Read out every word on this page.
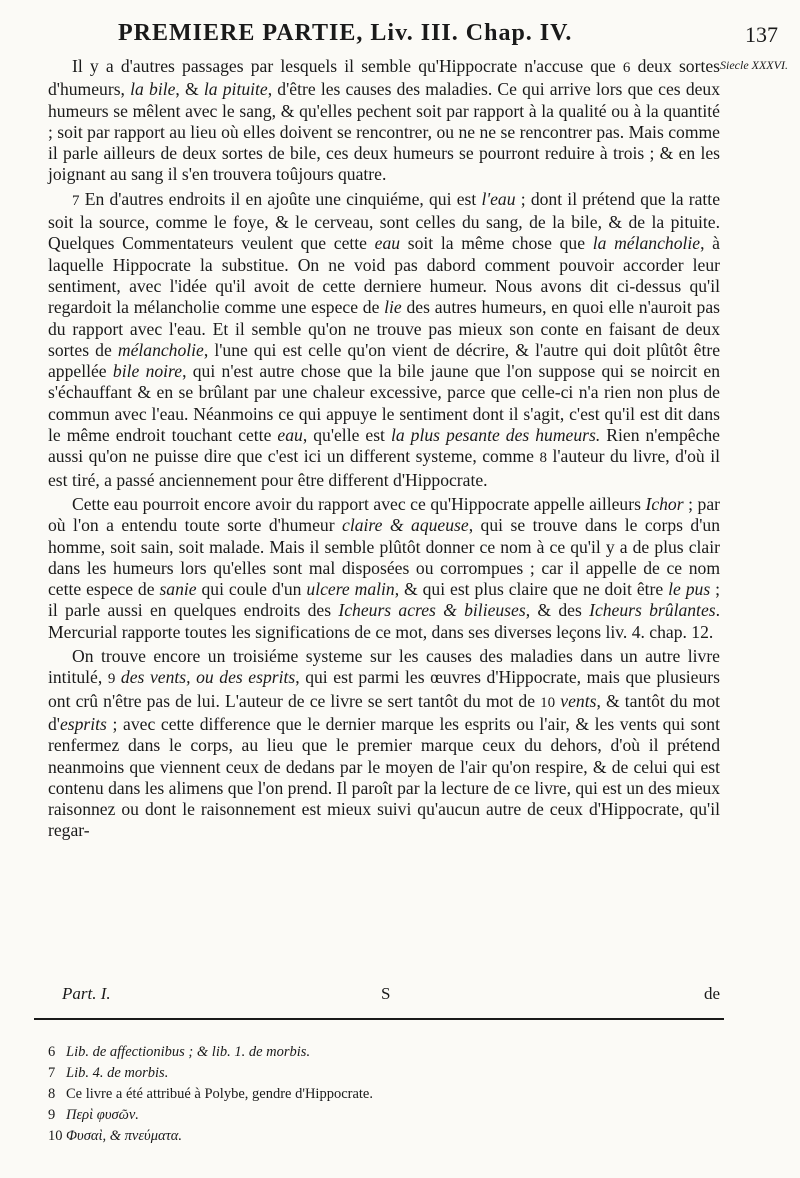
PREMIERE PARTIE, Liv. III. Chap. IV.	137
Siecle XXXVI.

Il y a d'autres passages par lesquels il semble qu'Hippocrate n'accuse que 6 deux sortes d'humeurs, la bile, & la pituite, d'être les causes des maladies. Ce qui arrive lors que ces deux humeurs se mêlent avec le sang, & qu'elles pechent soit par rapport à la qualité ou à la quantité ; soit par rapport au lieu où elles doivent se rencontrer, ou ne ne se rencontrer pas. Mais comme il parle ailleurs de deux sortes de bile, ces deux humeurs se pourront reduire à trois ; & en les joignant au sang il s'en trouvera toûjours quatre.

7 En d'autres endroits il en ajoûte une cinquiéme, qui est l'eau ; dont il prétend que la ratte soit la source, comme le foye, & le cerveau, sont celles du sang, de la bile, & de la pituite. Quelques Commentateurs veulent que cette eau soit la même chose que la mélancholie, à laquelle Hippocrate la substitue. On ne void pas dabord comment pouvoir accorder leur sentiment, avec l'idée qu'il avoit de cette derniere humeur. Nous avons dit ci-dessus qu'il regardoit la mélancholie comme une espece de lie des autres humeurs, en quoi elle n'auroit pas du rapport avec l'eau. Et il semble qu'on ne trouve pas mieux son conte en faisant de deux sortes de mélancholie, l'une qui est celle qu'on vient de décrire, & l'autre qui doit plûtôt être appellée bile noire, qui n'est autre chose que la bile jaune que l'on suppose qui se noircit en s'échauffant & en se brûlant par une chaleur excessive, parce que celle-ci n'a rien non plus de commun avec l'eau. Néanmoins ce qui appuye le sentiment dont il s'agit, c'est qu'il est dit dans le même endroit touchant cette eau, qu'elle est la plus pesante des humeurs. Rien n'empêche aussi qu'on ne puisse dire que c'est ici un different systeme, comme 8 l'auteur du livre, d'où il est tiré, a passé anciennement pour être different d'Hippocrate.

Cette eau pourroit encore avoir du rapport avec ce qu'Hippocrate appelle ailleurs Ichor ; par où l'on a entendu toute sorte d'humeur claire & aqueuse, qui se trouve dans le corps d'un homme, soit sain, soit malade. Mais il semble plûtôt donner ce nom à ce qu'il y a de plus clair dans les humeurs lors qu'elles sont mal disposées ou corrompues ; car il appelle de ce nom cette espece de sanie qui coule d'un ulcere malin, & qui est plus claire que ne doit être le pus ; il parle aussi en quelques endroits des Icheurs acres & bilieuses, & des Icheurs brûlantes. Mercurial rapporte toutes les significations de ce mot, dans ses diverses leçons liv. 4. chap. 12.

On trouve encore un troisiéme systeme sur les causes des maladies dans un autre livre intitulé, 9 des vents, ou des esprits, qui est parmi les œuvres d'Hippocrate, mais que plusieurs ont crû n'être pas de lui. L'auteur de ce livre se sert tantôt du mot de 10 vents, & tantôt du mot d'esprits ; avec cette difference que le dernier marque les esprits ou l'air, & les vents qui sont renfermez dans le corps, au lieu que le premier marque ceux du dehors, d'où il prétend neanmoins que viennent ceux de dedans par le moyen de l'air qu'on respire, & de celui qui est contenu dans les alimens que l'on prend. Il paroît par la lecture de ce livre, qui est un des mieux raisonnez ou dont le raisonnement est mieux suivi qu'aucun autre de ceux d'Hippocrate, qu'il regar-

Part. I.	S	de
6 Lib. de affectionibus ; & lib. 1. de morbis.
7 Lib. 4. de morbis.
8 Ce livre a été attribué à Polybe, gendre d'Hippocrate.
9 Περὶ φυσῶν.
10 Φυσαὶ, & πνεύματα.
